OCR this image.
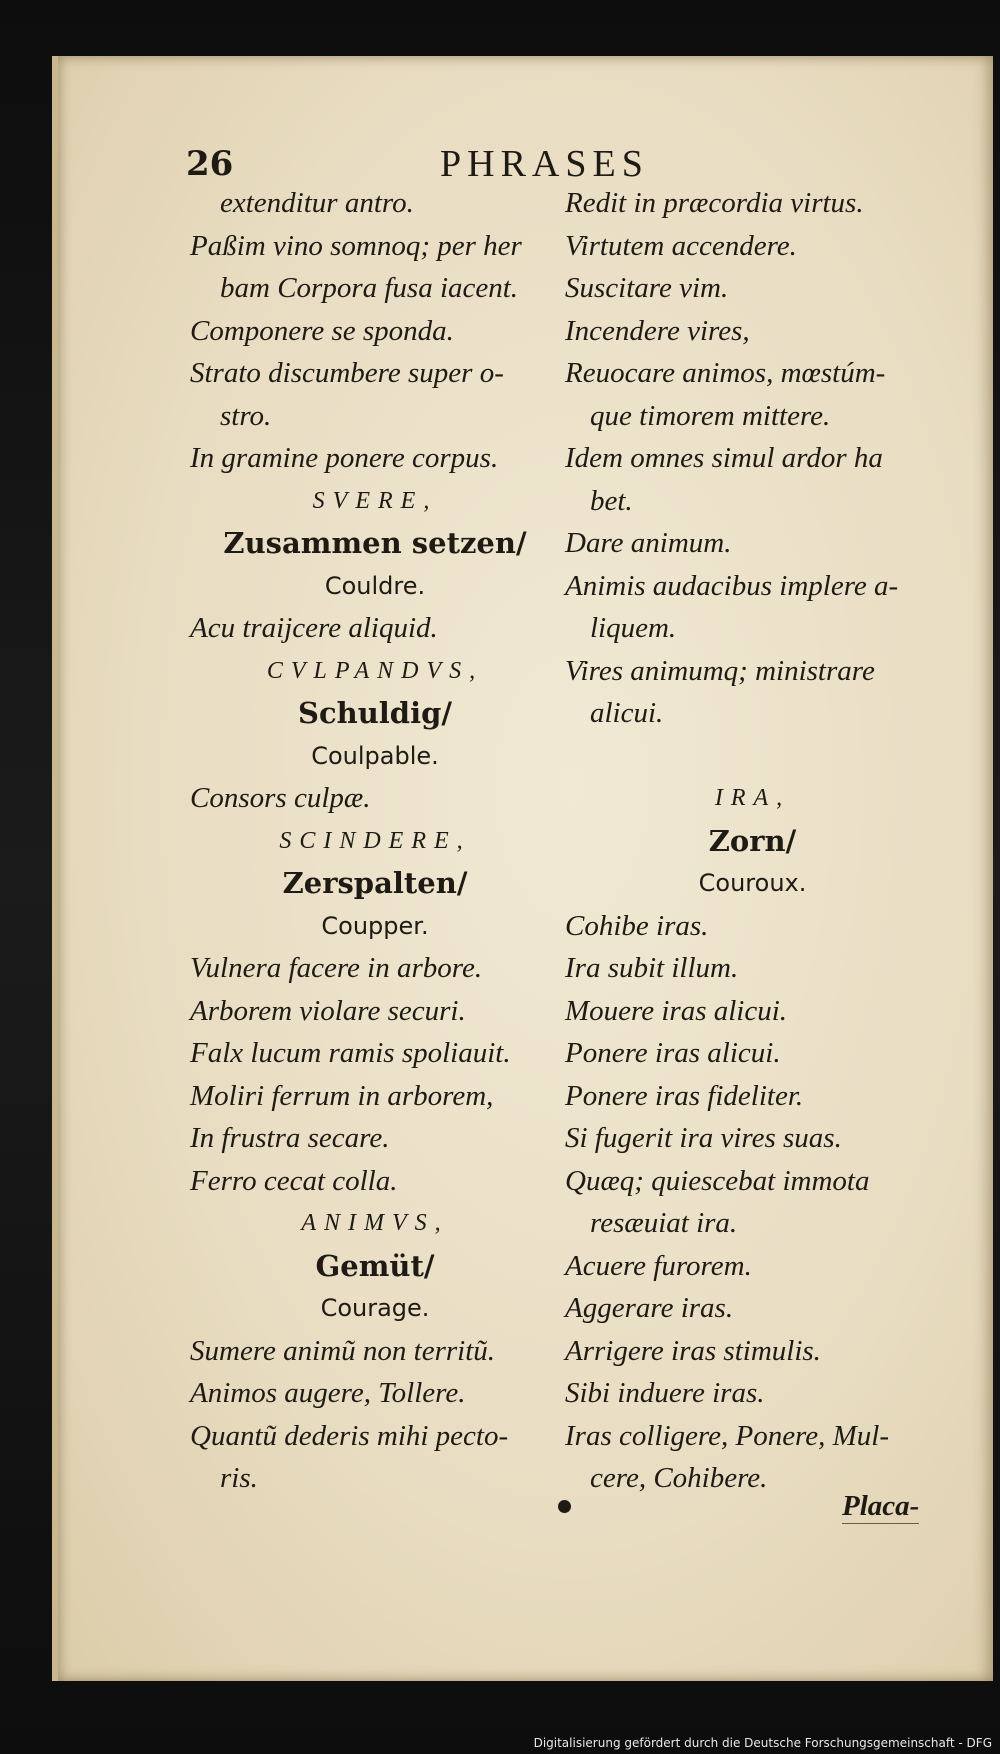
26	PHRASES
extenditur antro.
Paßim vino somnoq; per her
bam Corpora fusa iacent.
Componere se sponda.
Strato discumbere super o-
stro.
In gramine ponere corpus.
SVERE,
Zusammen setzen/
Couldre.
Acu traijcere aliquid.
CVLPANDVS,
Schuldig/
Coulpable.
Consors culpæ.
SCINDERE,
Zerspalten/
Coupper.
Vulnera facere in arbore.
Arborem violare securi.
Falx lucum ramis spoliauit.
Moliri ferrum in arborem,
In frustra secare.
Ferro cecat colla.
ANIMVS,
Gemüt/
Courage.
Sumere animũ non territũ.
Animos augere, Tollere.
Quantũ dederis mihi pecto-
ris.
Redit in præcordia virtus.
Virtutem accendere.
Suscitare vim.
Incendere vires,
Reuocare animos, mœstúm-
que timorem mittere.
Idem omnes simul ardor ha
bet.
Dare animum.
Animis audacibus implere a-
liquem.
Vires animumq; ministrare
alicui.
IRA,
Zorn/
Couroux.
Cohibe iras.
Ira subit illum.
Mouere iras alicui.
Ponere iras alicui.
Ponere iras fideliter.
Si fugerit ira vires suas.
Quæq; quiescebat immota
resæuiat ira.
Acuere furorem.
Aggerare iras.
Arrigere iras stimulis.
Sibi induere iras.
Iras colligere, Ponere, Mul-
cere, Cohibere.
Placa-
Digitalisierung gefördert durch die Deutsche Forschungsgemeinschaft - DFG
